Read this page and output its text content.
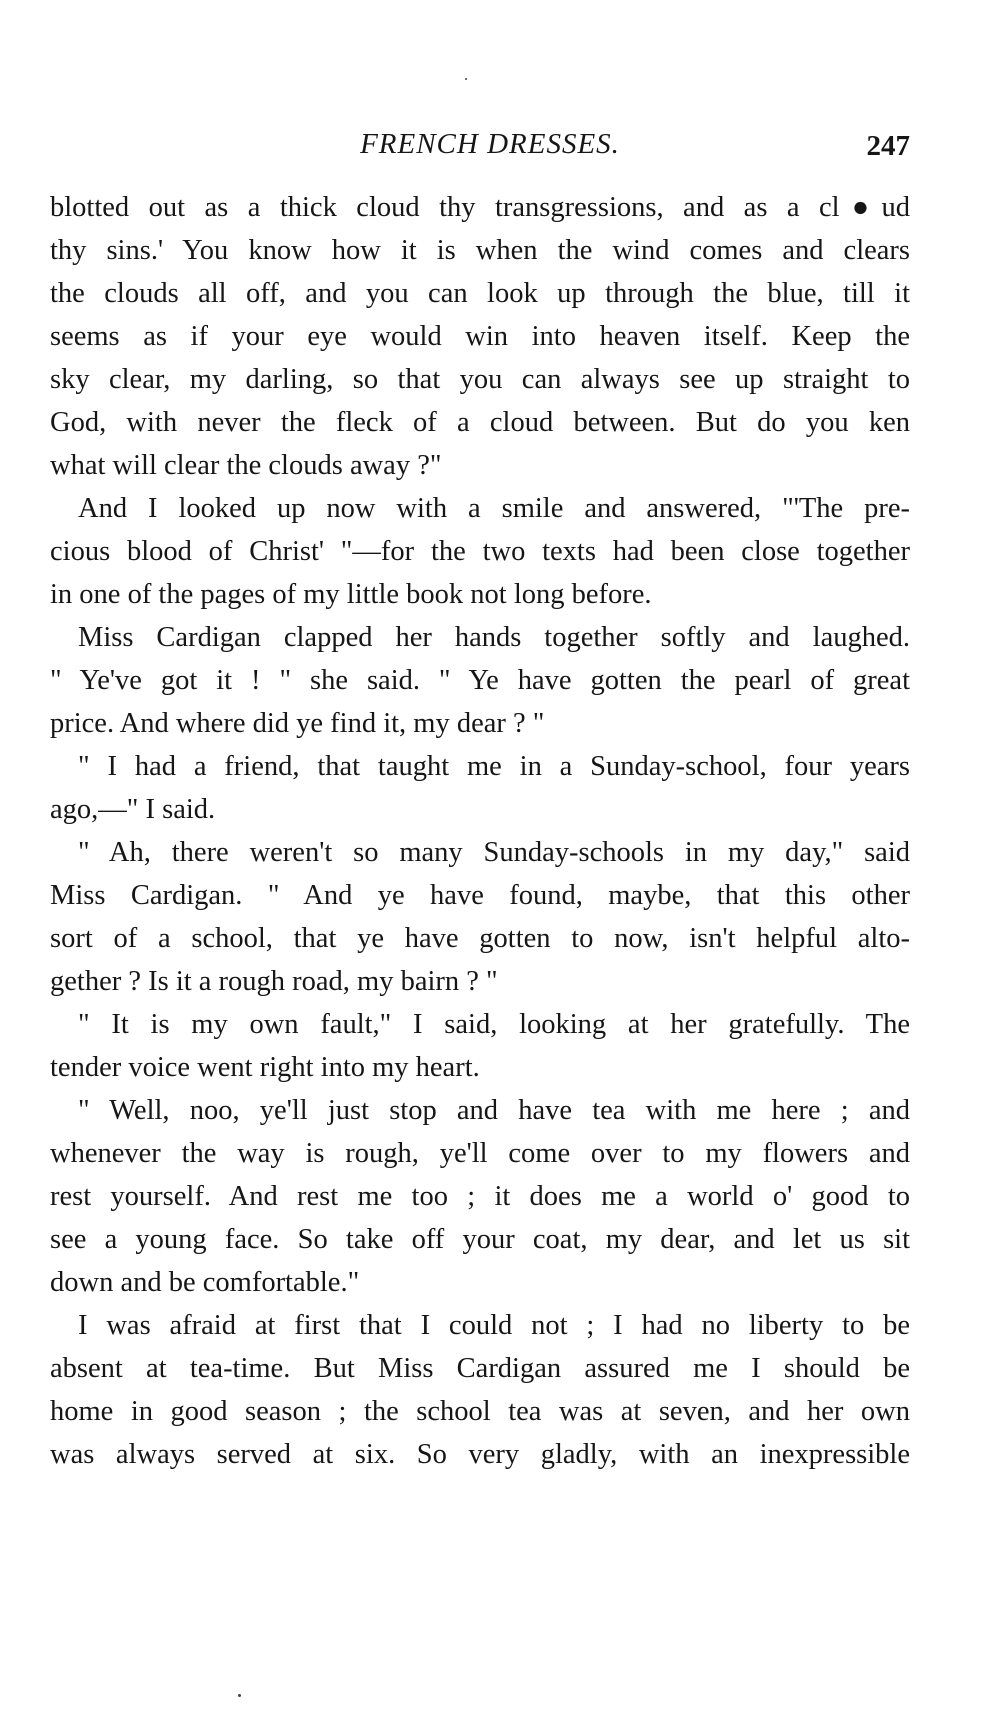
FRENCH DRESSES.	247
blotted out as a thick cloud thy transgressions, and as a cl●ud
thy sins.' You know how it is when the wind comes and clears
the clouds all off, and you can look up through the blue, till it
seems as if your eye would win into heaven itself. Keep the
sky clear, my darling, so that you can always see up straight to
God, with never the fleck of a cloud between. But do you ken
what will clear the clouds away ?"
And I looked up now with a smile and answered, "'The pre-
cious blood of Christ' "—for the two texts had been close together
in one of the pages of my little book not long before.
Miss Cardigan clapped her hands together softly and laughed.
" Ye've got it ! " she said. " Ye have gotten the pearl of great
price. And where did ye find it, my dear ? "
" I had a friend, that taught me in a Sunday-school, four years
ago,—" I said.
" Ah, there weren't so many Sunday-schools in my day," said
Miss Cardigan. " And ye have found, maybe, that this other
sort of a school, that ye have gotten to now, isn't helpful alto-
gether ? Is it a rough road, my bairn ? "
" It is my own fault," I said, looking at her gratefully. The
tender voice went right into my heart.
" Well, noo, ye'll just stop and have tea with me here ; and
whenever the way is rough, ye'll come over to my flowers and
rest yourself. And rest me too ; it does me a world o' good to
see a young face. So take off your coat, my dear, and let us sit
down and be comfortable."
I was afraid at first that I could not ; I had no liberty to be
absent at tea-time. But Miss Cardigan assured me I should be
home in good season ; the school tea was at seven, and her own
was always served at six. So very gladly, with an inexpressible
